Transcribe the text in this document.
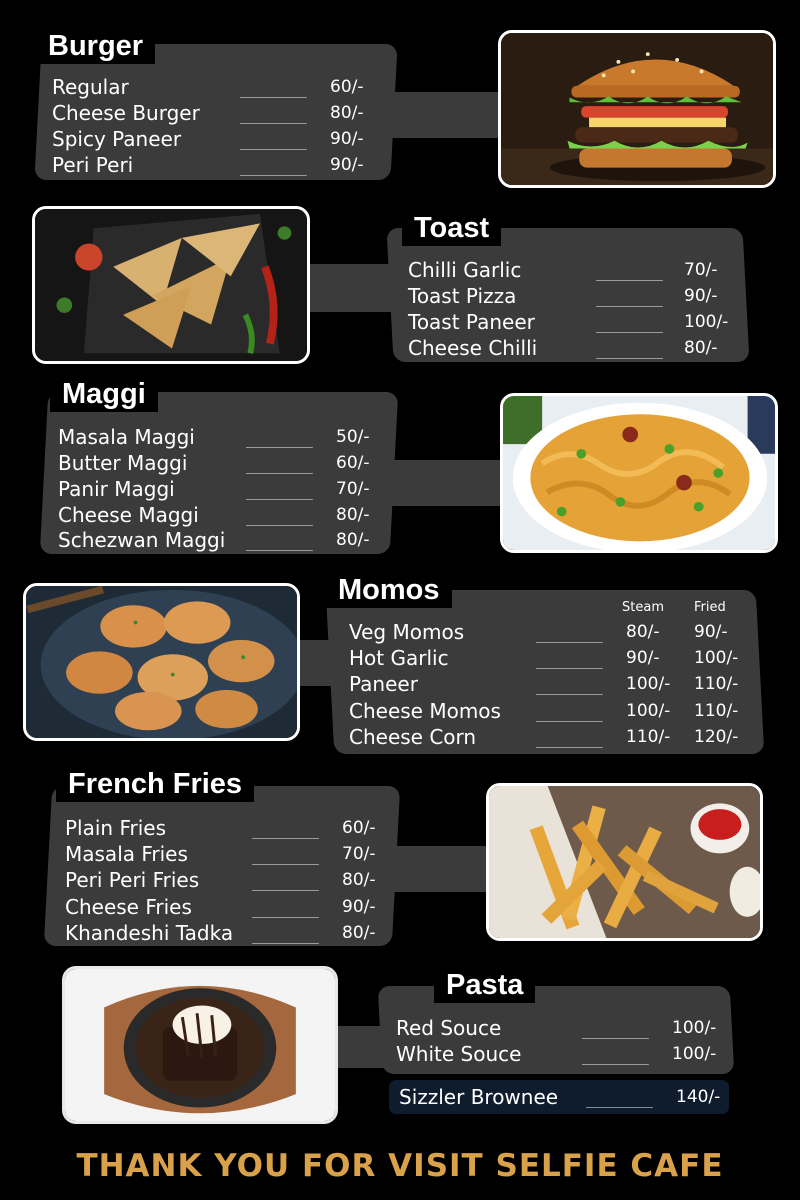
Burger
Regular	__________ 60/-
Cheese Burger	__________ 80/-
Spicy Paneer	__________ 90/-
Peri Peri	__________ 90/-
Toast
Chilli Garlic	__________ 70/-
Toast Pizza	__________ 90/-
Toast Paneer	__________ 100/-
Cheese Chilli	__________ 80/-
Maggi
Masala Maggi	__________ 50/-
Butter Maggi	__________ 60/-
Panir Maggi	__________ 70/-
Cheese Maggi	__________ 80/-
Schezwan Maggi __________ 80/-
Momos
Steam Fried
Veg Momos	__________ 80/- 90/-
Hot Garlic	__________ 90/- 100/-
Paneer	__________ 100/- 110/-
Cheese Momos	__________ 100/- 110/-
Cheese Corn	__________ 110/- 120/-
French Fries
Plain Fries	__________ 60/-
Masala Fries	__________ 70/-
Peri Peri Fries	__________ 80/-
Cheese Fries	__________ 90/-
Khandeshi Tadka __________ 80/-
Pasta
Red Souce	__________ 100/-
White Souce	__________ 100/-
Sizzler Brownee __________ 140/-
THANK YOU FOR VISIT SELFIE CAFE
